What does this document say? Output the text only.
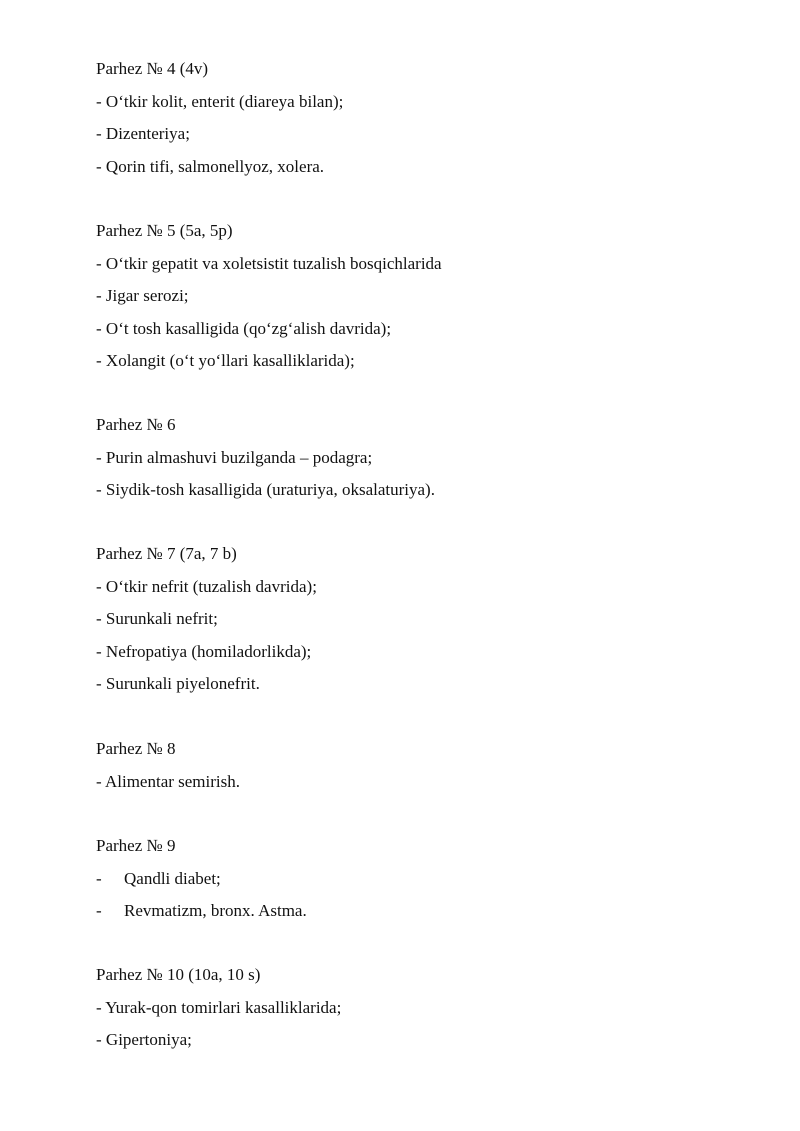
Parhez № 4 (4v)
- O‘tkir kolit, enterit (diareya bilan);
- Dizenteriya;
- Qorin tifi, salmonellyoz, xolera.
Parhez № 5 (5a, 5p)
- O‘tkir gepatit va xoletsistit tuzalish bosqichlarida
- Jigar serozi;
- O‘t tosh kasalligida (qo‘zg‘alish davrida);
- Xolangit (o‘t yo‘llari kasalliklarida);
Parhez № 6
- Purin almashuvi buzilganda – podagra;
- Siydik-tosh kasalligida (uraturiya, oksalaturiya).
Parhez № 7 (7a, 7 b)
- O‘tkir nefrit (tuzalish davrida);
- Surunkali nefrit;
- Nefropatiya (homiladorlikda);
- Surunkali piyelonefrit.
Parhez № 8
- Alimentar semirish.
Parhez № 9
-	Qandli diabet;
-	Revmatizm, bronx. Astma.
Parhez № 10 (10a, 10 s)
- Yurak-qon tomirlari kasalliklarida;
- Gipertoniya;
